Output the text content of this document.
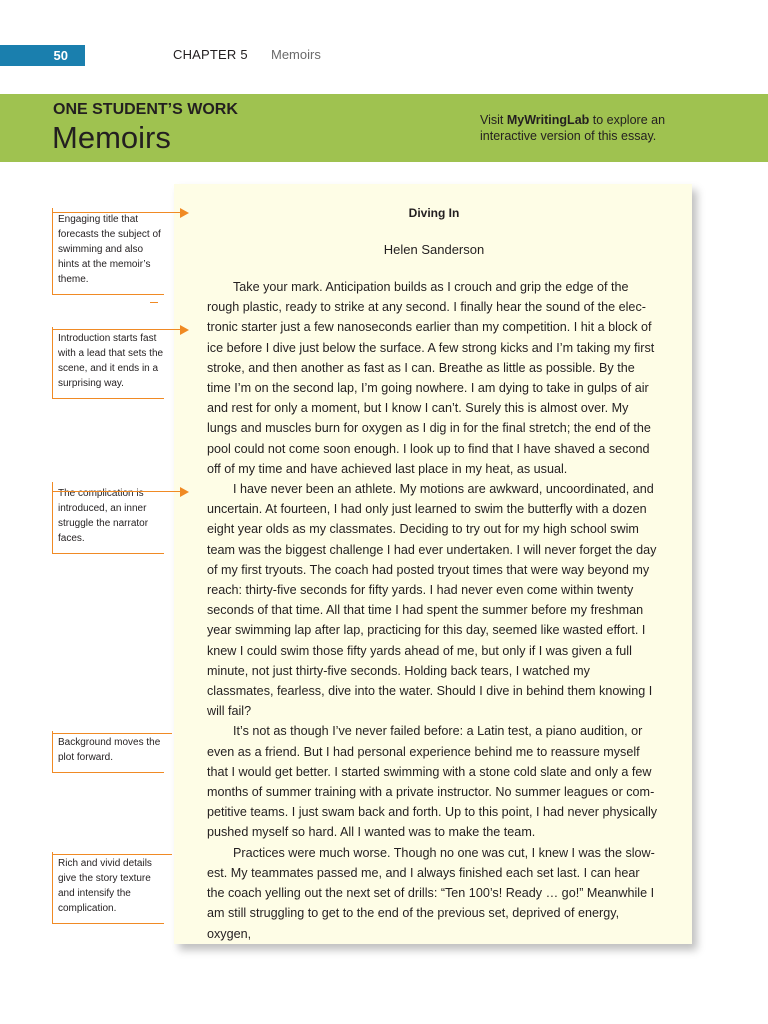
50	CHAPTER 5 Memoirs
ONE STUDENT’S WORK
Memoirs	Visit MyWritingLab to explore an interactive version of this essay.
Diving In
Helen Sanderson

Take your mark. Anticipation builds as I crouch and grip the edge of the rough plastic, ready to strike at any second. I finally hear the sound of the electronic starter just a few nanoseconds earlier than my competition. I hit a block of ice before I dive just below the surface. A few strong kicks and I’m taking my first stroke, and then another as fast as I can. Breathe as little as possible. By the time I’m on the second lap, I’m going nowhere. I am dying to take in gulps of air and rest for only a moment, but I know I can’t. Surely this is almost over. My lungs and muscles burn for oxygen as I dig in for the final stretch; the end of the pool could not come soon enough. I look up to find that I have shaved a second off of my time and have achieved last place in my heat, as usual.

I have never been an athlete. My motions are awkward, uncoordinated, and uncertain. At fourteen, I had only just learned to swim the butterfly with a dozen eight year olds as my classmates. Deciding to try out for my high school swim team was the biggest challenge I had ever undertaken. I will never forget the day of my first tryouts. The coach had posted tryout times that were way beyond my reach: thirty-five seconds for fifty yards. I had never even come within twenty seconds of that time. All that time I had spent the summer before my freshman year swimming lap after lap, practicing for this day, seemed like wasted effort. I knew I could swim those fifty yards ahead of me, but only if I was given a full minute, not just thirty-five seconds. Holding back tears, I watched my classmates, fearless, dive into the water. Should I dive in behind them knowing I will fail?

It’s not as though I’ve never failed before: a Latin test, a piano audition, or even as a friend. But I had personal experience behind me to reassure myself that I would get better. I started swimming with a stone cold slate and only a few months of summer training with a private instructor. No summer leagues or competitive teams. I just swam back and forth. Up to this point, I had never physically pushed myself so hard. All I wanted was to make the team.

Practices were much worse. Though no one was cut, I knew I was the slowest. My teammates passed me, and I always finished each set last. I can hear the coach yelling out the next set of drills: “Ten 100’s! Ready … go!” Meanwhile I am still struggling to get to the end of the previous set, deprived of energy, oxygen,

Engaging title that forecasts the subject of swimming and also hints at the memoir’s theme.
Introduction starts fast with a lead that sets the scene, and it ends in a surprising way.
The complication is introduced, an inner struggle the narrator faces.
Background moves the plot forward.
Rich and vivid details give the story texture and intensify the complication.
